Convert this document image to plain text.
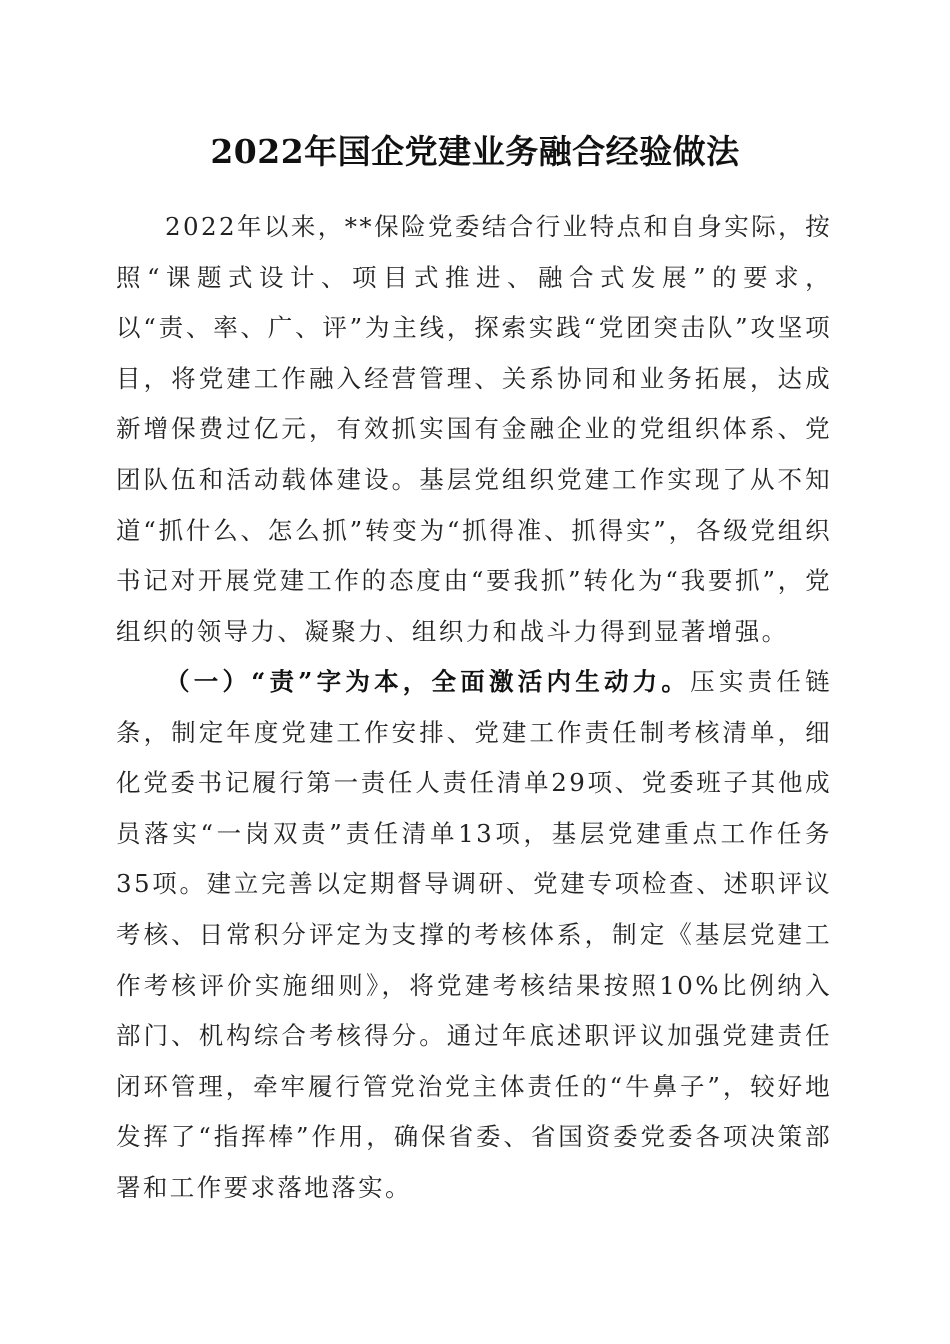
2022年国企党建业务融合经验做法

2022年以来，**保险党委结合行业特点和自身实际，按照“课题式设计、项目式推进、融合式发展”的要求，以“责、率、广、评”为主线，探索实践“党团突击队”攻坚项目，将党建工作融入经营管理、关系协同和业务拓展，达成新增保费过亿元，有效抓实国有金融企业的党组织体系、党团队伍和活动载体建设。基层党组织党建工作实现了从不知道“抓什么、怎么抓”转变为“抓得准、抓得实”，各级党组织书记对开展党建工作的态度由“要我抓”转化为“我要抓”，党组织的领导力、凝聚力、组织力和战斗力得到显著增强。

（一）“责”字为本，全面激活内生动力。压实责任链条，制定年度党建工作安排、党建工作责任制考核清单，细化党委书记履行第一责任人责任清单29项、党委班子其他成员落实“一岗双责”责任清单13项，基层党建重点工作任务35项。建立完善以定期督导调研、党建专项检查、述职评议考核、日常积分评定为支撑的考核体系，制定《基层党建工作考核评价实施细则》，将党建考核结果按照10%比例纳入部门、机构综合考核得分。通过年底述职评议加强党建责任闭环管理，牵牢履行管党治党主体责任的“牛鼻子”，较好地发挥了“指挥棒”作用，确保省委、省国资委党委各项决策部署和工作要求落地落实。
